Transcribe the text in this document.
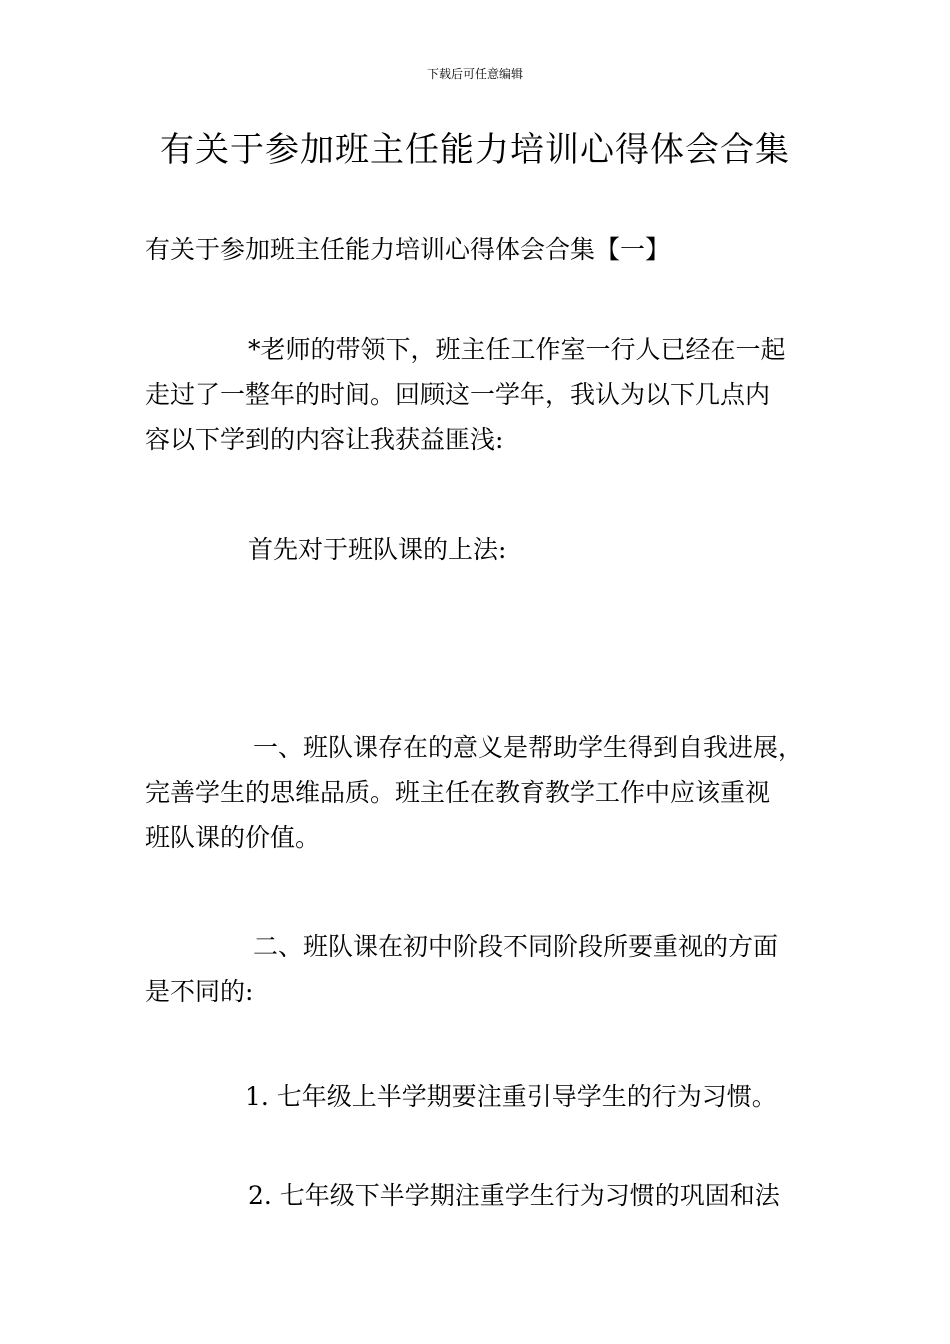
下载后可任意编辑
有关于参加班主任能力培训心得体会合集

有关于参加班主任能力培训心得体会合集【一】

*老师的带领下，班主任工作室一行人已经在一起
走过了一整年的时间。回顾这一学年，我认为以下几点内
容以下学到的内容让我获益匪浅:

首先对于班队课的上法:

一、班队课存在的意义是帮助学生得到自我进展，
完善学生的思维品质。班主任在教育教学工作中应该重视
班队课的价值。

二、班队课在初中阶段不同阶段所要重视的方面
是不同的:

1. 七年级上半学期要注重引导学生的行为习惯。

2. 七年级下半学期注重学生行为习惯的巩固和法
